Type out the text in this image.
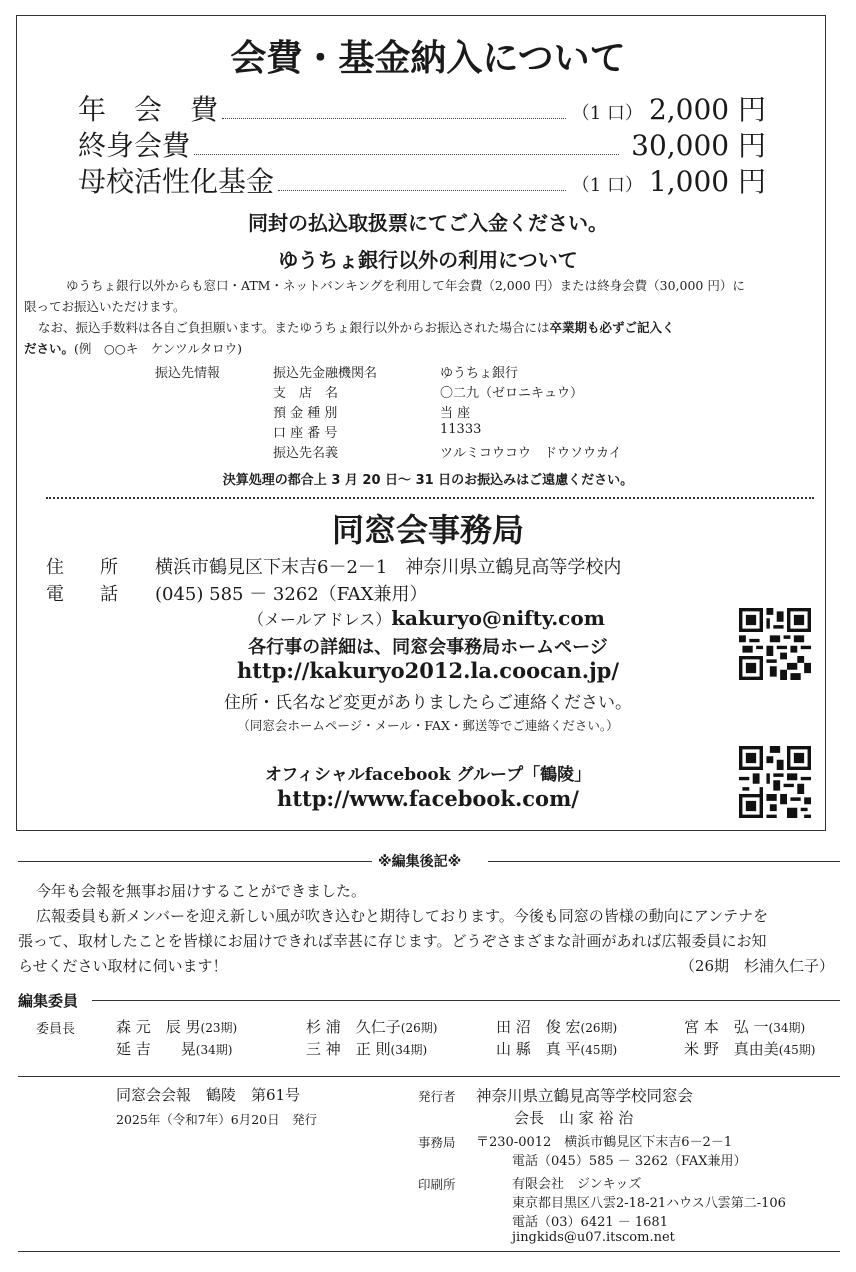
会費・基金納入について
年　会　費	（1 口） 2,000 円
終身会費	30,000 円
母校活性化基金	（1 口） 1,000 円
同封の払込取扱票にてご入金ください。
ゆうちょ銀行以外の利用について
ゆうちょ銀行以外からも窓口・ATM・ネットバンキングを利用して年会費（2,000 円）または終身会費（30,000 円）に
限ってお振込いただけます。
なお、振込手数料は各自ご負担願います。またゆうちょ銀行以外からお振込された場合には卒業期も必ずご記入く
ださい。(例　○○キ　ケンツルタロウ)
振込先情報	振込先金融機関名	ゆうちょ銀行
支　店　名	〇二九（ゼロニキュウ）
預 金 種 別	当 座
口 座 番 号	11333
振込先名義	ツルミコウコウ　ドウソウカイ
決算処理の都合上 3 月 20 日～ 31 日のお振込みはご遠慮ください。
同窓会事務局
住　　所 横浜市鶴見区下末吉6－2－1　神奈川県立鶴見高等学校内
電　　話 (045) 585 － 3262（FAX兼用）
（メールアドレス）kakuryo@nifty.com
各行事の詳細は、同窓会事務局ホームページ
http://kakuryo2012.la.coocan.jp/
住所・氏名など変更がありましたらご連絡ください。
（同窓会ホームページ・メール・FAX・郵送等でご連絡ください。）
オフィシャルfacebook グループ「鶴陵」
http://www.facebook.com/
※編集後記※
今年も会報を無事お届けすることができました。
広報委員も新メンバーを迎え新しい風が吹き込むと期待しております。今後も同窓の皆様の動向にアンテナを
張って、取材したことを皆様にお届けできれば幸甚に存じます。どうぞさまざまな計画があれば広報委員にお知
らせください取材に伺います！	（26期　杉浦久仁子）
編集委員
委員長	森 元　辰 男(23期)	杉 浦　久仁子(26期)	田 沼　俊 宏(26期)	宮 本　弘 一(34期)
延 吉　　晃(34期)	三 神　正 則(34期)	山 縣　真 平(45期)	米 野　真由美(45期)
同窓会会報　鶴陵　第61号
2025年（令和7年）6月20日　発行
発行者 神奈川県立鶴見高等学校同窓会
会長　山 家 裕 治
事務局 〒230-0012　横浜市鶴見区下末吉6－2－1
電話（045）585 － 3262（FAX兼用）
印刷所	有限会社　ジンキッズ
東京都目黒区八雲2-18-21ハウス八雲第二-106
電話（03）6421 － 1681
jingkids@u07.itscom.net
